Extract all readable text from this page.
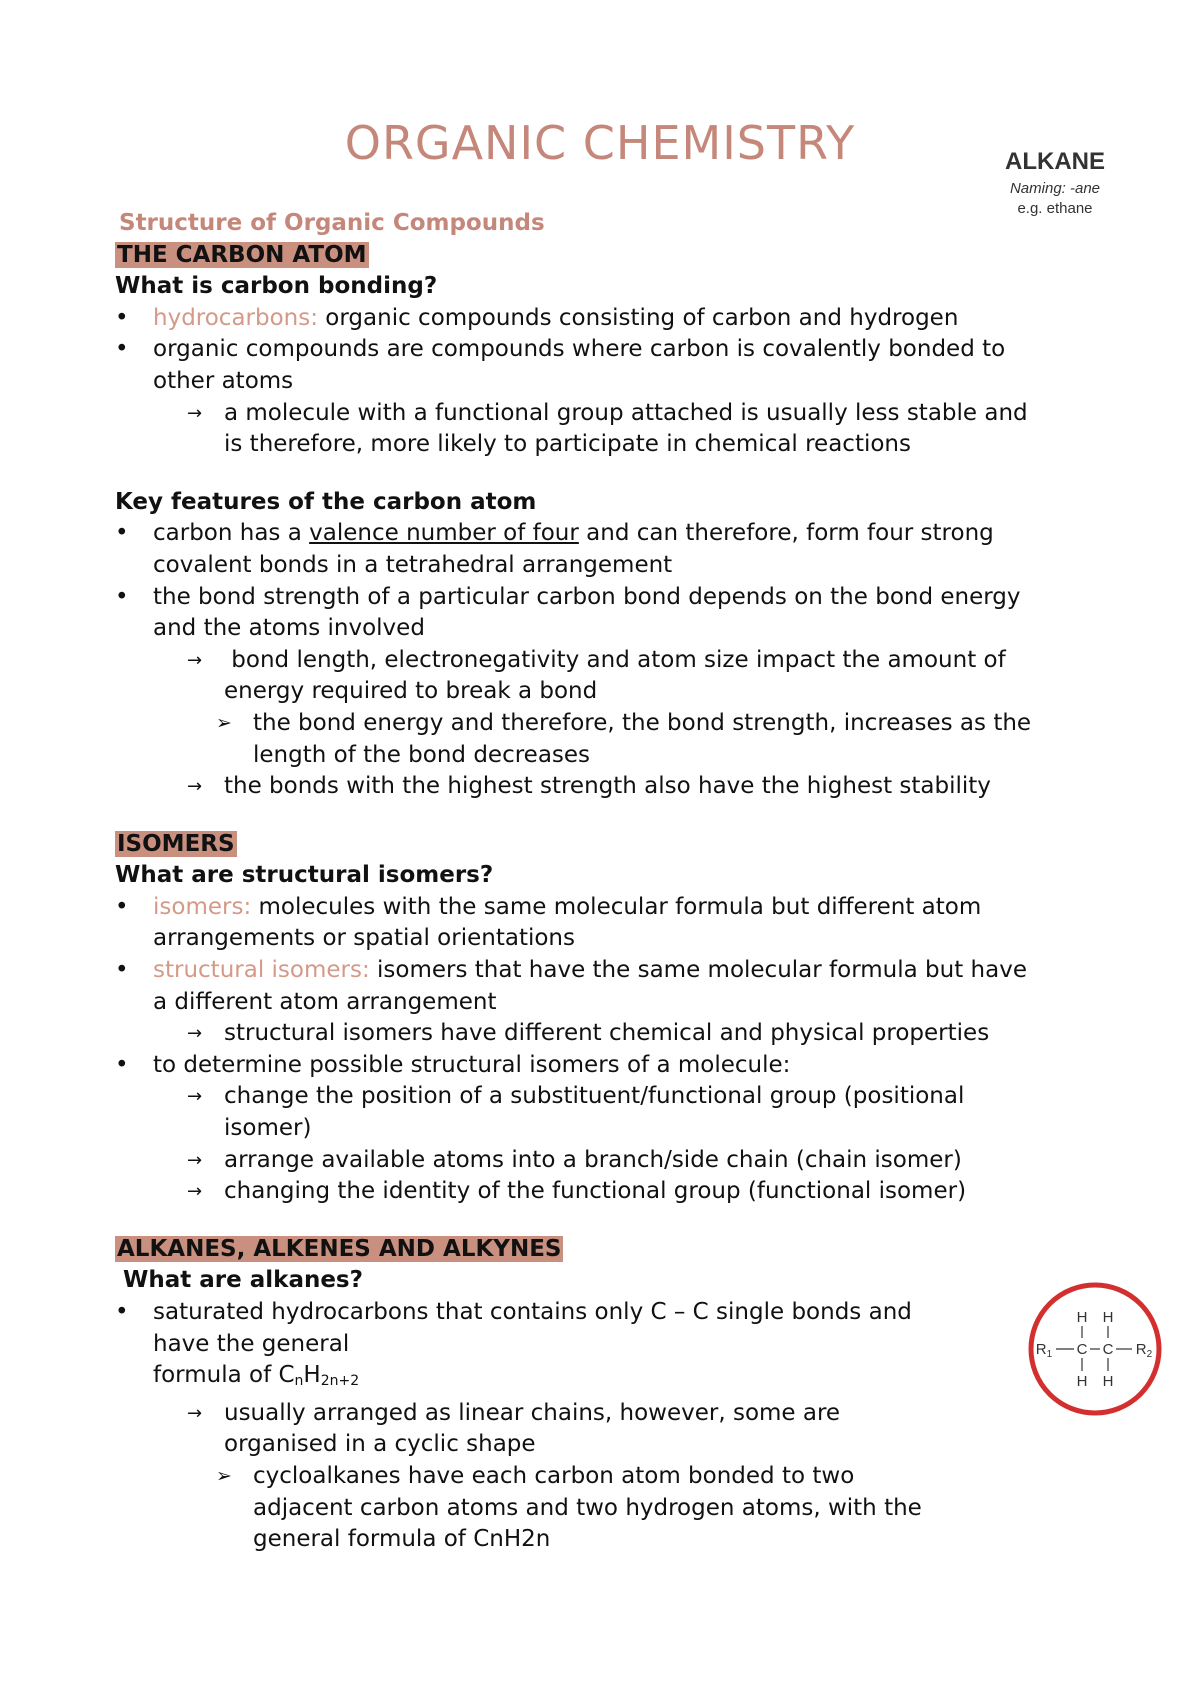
ORGANIC CHEMISTRY
Structure of Organic Compounds
THE CARBON ATOM
What is carbon bonding?
• hydrocarbons: organic compounds consisting of carbon and hydrogen
• organic compounds are compounds where carbon is covalently bonded to
other atoms
→ a molecule with a functional group attached is usually less stable and
is therefore, more likely to participate in chemical reactions
Key features of the carbon atom
• carbon has a valence number of four and can therefore, form four strong
covalent bonds in a tetrahedral arrangement
• the bond strength of a particular carbon bond depends on the bond energy
and the atoms involved
→ bond length, electronegativity and atom size impact the amount of
energy required to break a bond
➢ the bond energy and therefore, the bond strength, increases as the
length of the bond decreases
→ the bonds with the highest strength also have the highest stability
ISOMERS
What are structural isomers?
• isomers: molecules with the same molecular formula but different atom
arrangements or spatial orientations
• structural isomers: isomers that have the same molecular formula but have
a different atom arrangement
→ structural isomers have different chemical and physical properties
• to determine possible structural isomers of a molecule:
→ change the position of a substituent/functional group (positional
isomer)
→ arrange available atoms into a branch/side chain (chain isomer)
→ changing the identity of the functional group (functional isomer)
ALKANES, ALKENES AND ALKYNES
What are alkanes?
• saturated hydrocarbons that contains only C – C single bonds and
have the general
formula of $C_nH2n+2$
→ usually arranged as linear chains, however, some are
organised in a cyclic shape
➢ cycloalkanes have each carbon atom bonded to two
adjacent carbon atoms and two hydrogen atoms, with the
general formula of CnH2n
H H
C C
H H
$R_1$	$R_2$
ALKANE
Naming: -ane
e.g. ethane
